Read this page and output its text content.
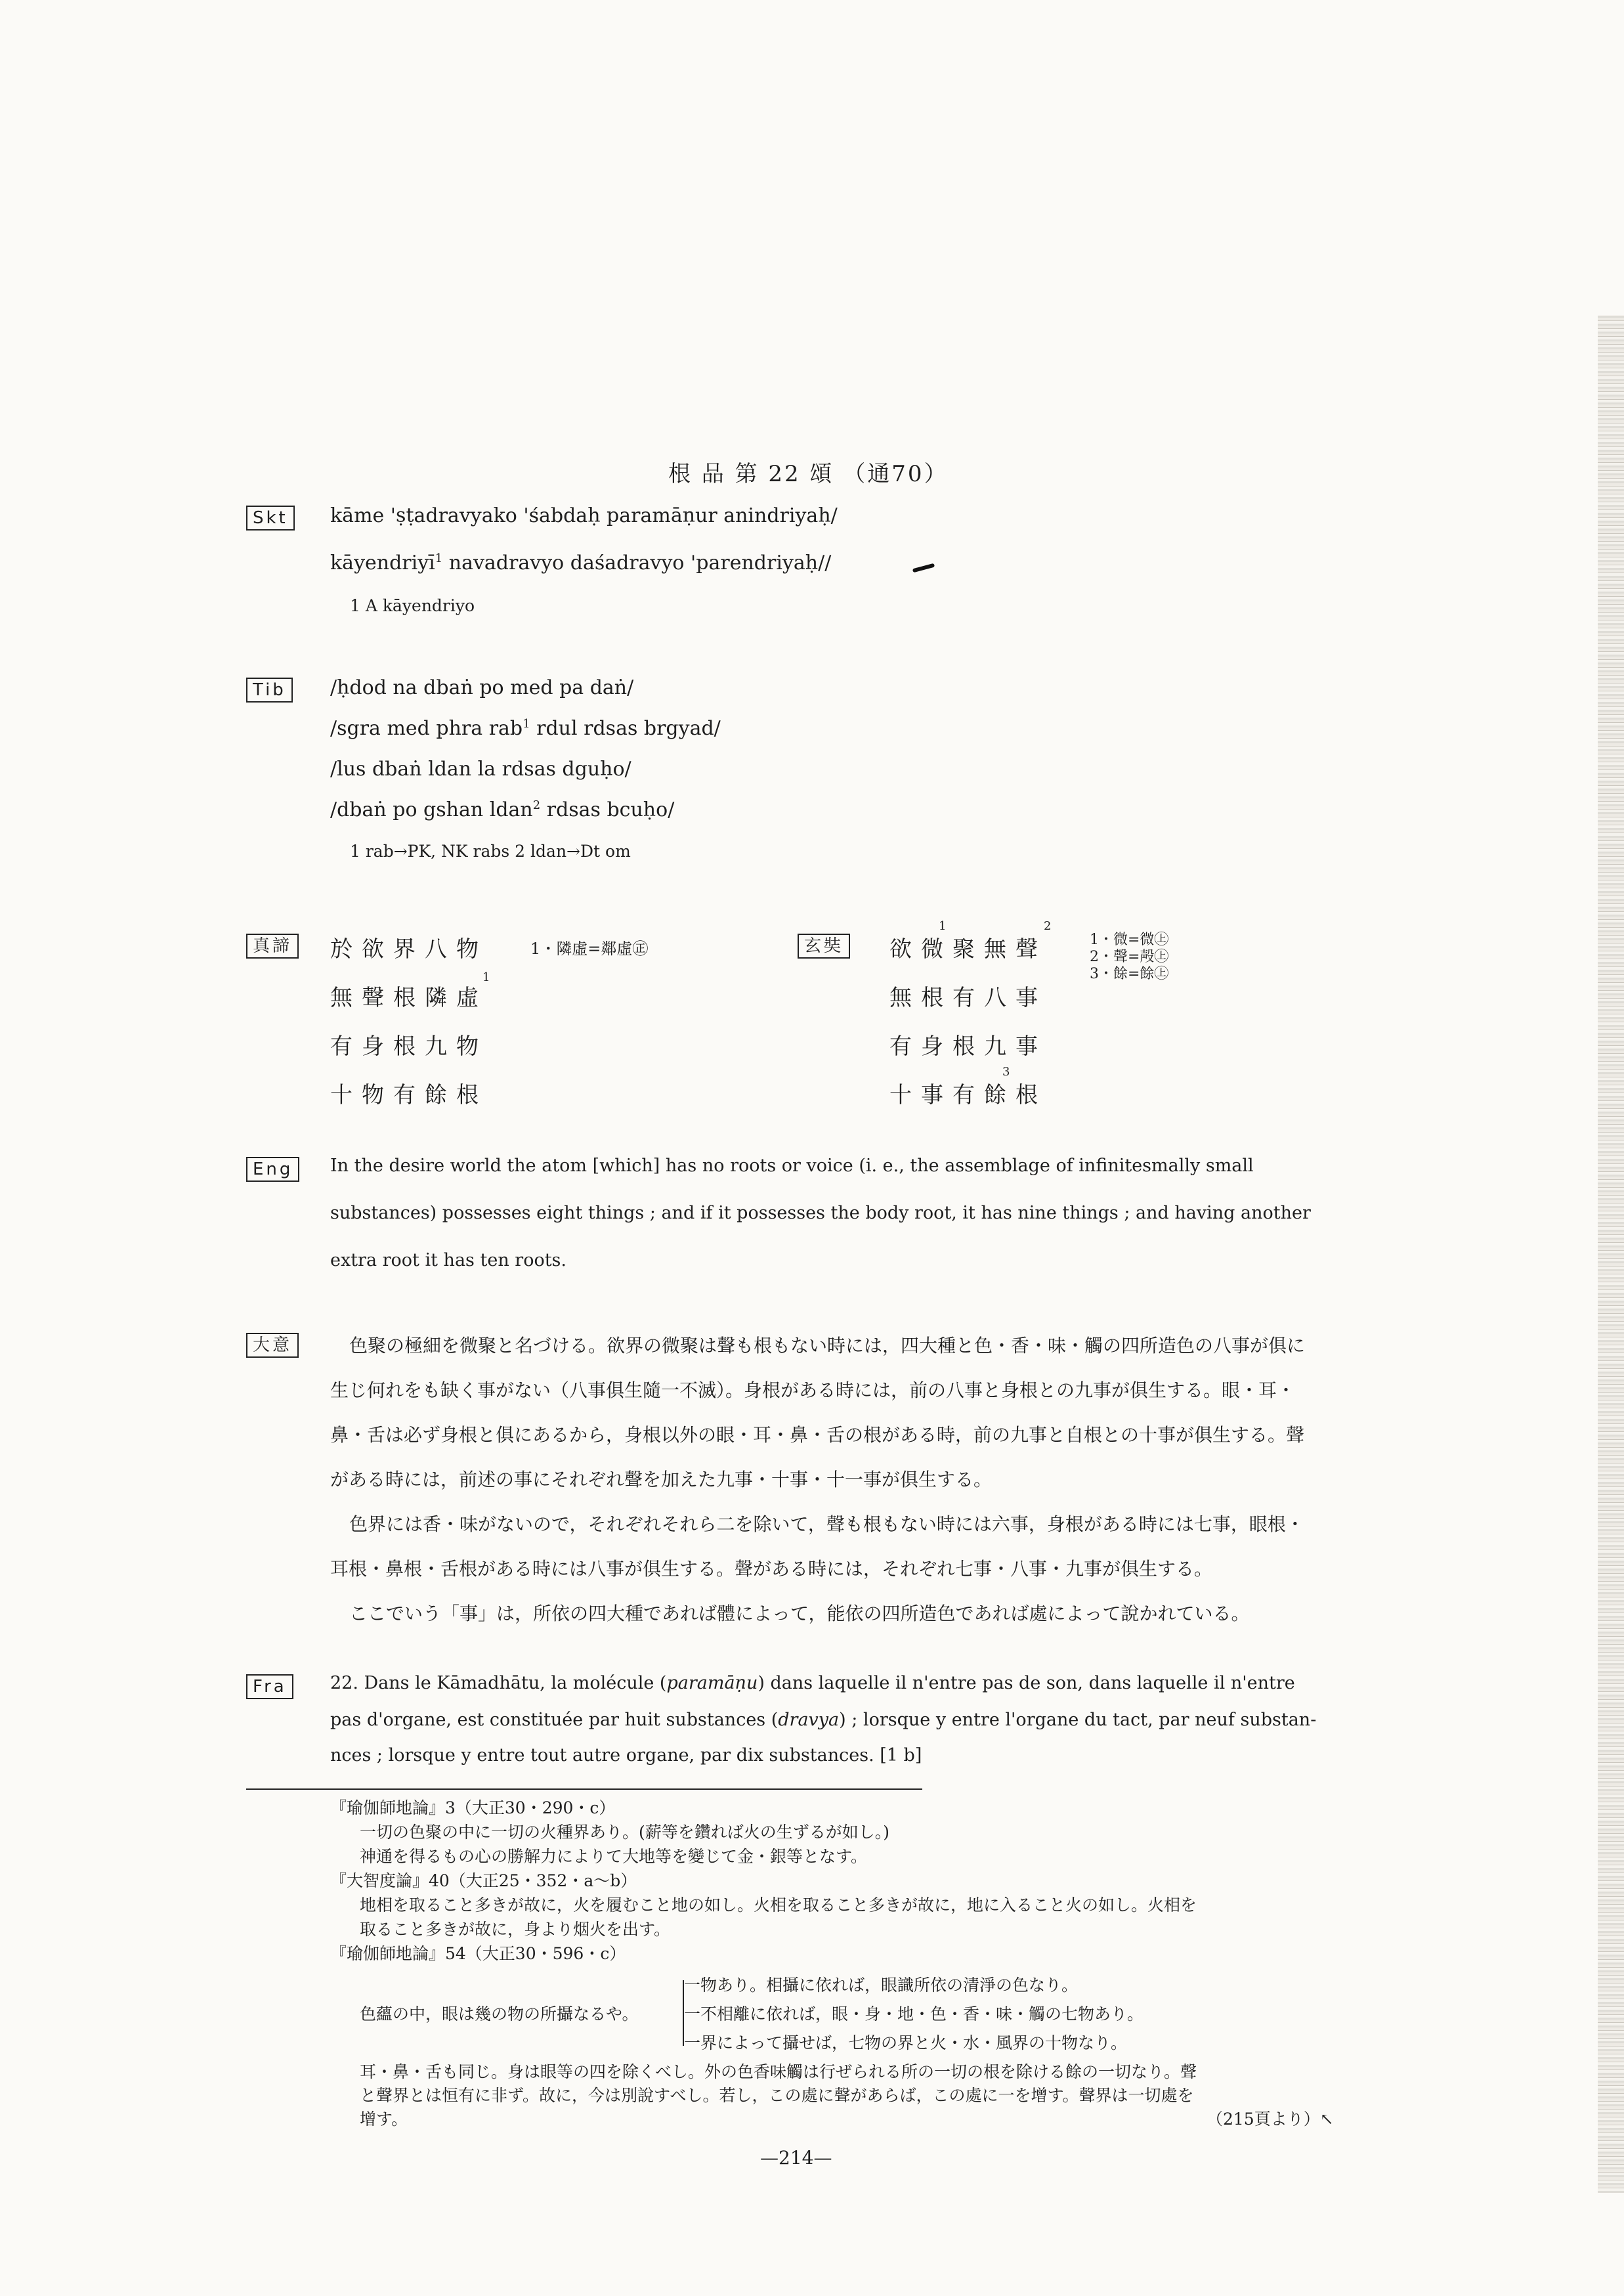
根 品 第 22 頌 （通70）
Skt	kāme 'ṣṭadravyako 'śabdaḥ paramāṇur anindriyaḥ/
kāyendriyī$^1$ navadravyo daśadravyo 'parendriyaḥ//
1 A kāyendriyo
Tib	/ḥdod na dbaṅ po med pa daṅ/
/sgra med phra rab$^1$ rdul rdsas brgyad/
/lus dbaṅ ldan la rdsas dguḥo/
/dbaṅ po gshan ldan$^2$ rdsas bcuḥo/
1 rab→PK, NK rabs 2 ldan→Dt om
真諦 於欲界八物
無聲根隣虛
1
有身根九物
十物有餘根
1・隣虛=鄰虛㊣	玄奘 欲微聚無聲
1	2
無根有八事
有身根九事
十事有餘根
3
1・微=微㊤
2・聲=殸㊤
3・餘=餘㊤
Eng	In the desire world the atom [which] has no roots or voice (i. e., the assemblage of infinitesmally small
substances) possesses eight things ; and if it possesses the body root, it has nine things ; and having another
extra root it has ten roots.
大意	色聚の極細を微聚と名づける。欲界の微聚は聲も根もない時には，四大種と色・香・味・觸の四所造色の八事が俱に
生じ何れをも缺く事がない（八事俱生隨一不滅）。身根がある時には，前の八事と身根との九事が俱生する。眼・耳・
鼻・舌は必ず身根と俱にあるから，身根以外の眼・耳・鼻・舌の根がある時，前の九事と自根との十事が俱生する。聲
がある時には，前述の事にそれぞれ聲を加えた九事・十事・十一事が俱生する。
色界には香・味がないので，それぞれそれら二を除いて，聲も根もない時には六事，身根がある時には七事，眼根・
耳根・鼻根・舌根がある時には八事が俱生する。聲がある時には，それぞれ七事・八事・九事が俱生する。
ここでいう「事」は，所依の四大種であれば體によって，能依の四所造色であれば處によって說かれている。
Fra	22. Dans le Kāmadhātu, la molécule (paramāṇu) dans laquelle il n'entre pas de son, dans laquelle il n'entre
pas d'organe, est constituée par huit substances (dravya) ; lorsque y entre l'organe du tact, par neuf substan-
nces ; lorsque y entre tout autre organe, par dix substances. [1 b]
『瑜伽師地論』3（大正30・290・c）
一切の色聚の中に一切の火種界あり。(薪等を鑽れば火の生ずるが如し。)
神通を得るもの心の勝解力によりて大地等を變じて金・銀等となす。
『大智度論』40（大正25・352・a～b）
地相を取ること多きが故に，火を履むこと地の如し。火相を取ること多きが故に，地に入ること火の如し。火相を
取ること多きが故に，身より烟火を出す。
『瑜伽師地論』54（大正30・596・c）
色蘊の中，眼は幾の物の所攝なるや。
一物あり。相攝に依れば，眼識所依の清淨の色なり。
一不相離に依れば，眼・身・地・色・香・味・觸の七物あり。
一界によって攝せば，七物の界と火・水・風界の十物なり。
耳・鼻・舌も同じ。身は眼等の四を除くべし。外の色香味觸は行ぜられる所の一切の根を除ける餘の一切なり。聲
と聲界とは恒有に非ず。故に，今は別說すべし。若し，この處に聲があらば，この處に一を增す。聲界は一切處を
增す。	（215頁より）↖
—214—
